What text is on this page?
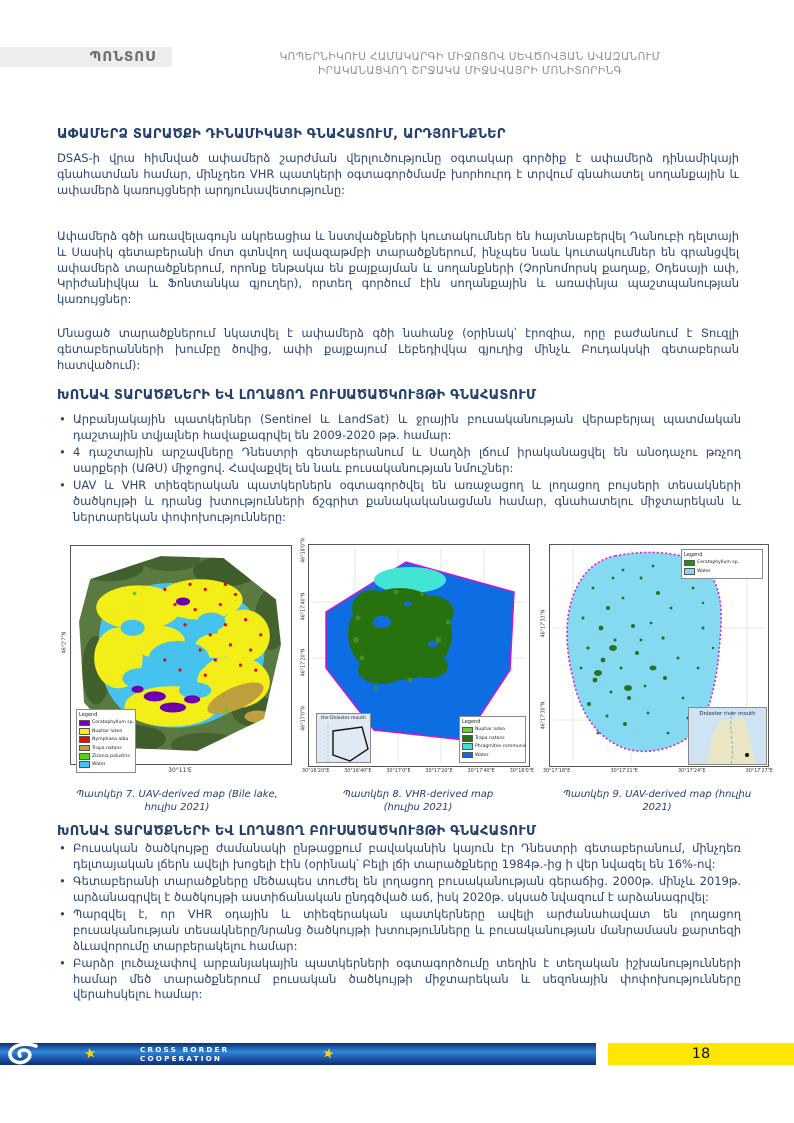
ՊՈՆՏՈՍ	ԿՈՊԵՐՆԻԿՈՒՍ ՀԱՄԱԿԱՐԳԻ ՄԻՋՈՑՈՎ ՍԵՎԾՈՎՅԱՆ ԱՎԱԶԱՆՈՒՄ
ԻՐԱԿԱՆԱՑՎՈՂ ՇՐՋԱԿԱ ՄԻՋԱՎԱՅՐԻ ՄՈՆԻՏՈՐԻՆԳ
ԱՓԱՄԵՐՁ ՏԱՐԱԾՔԻ ԴԻՆԱՄԻԿԱՅԻ ԳՆԱՀԱՏՈՒՄ, ԱՐԴՅՈՒՆՔՆԵՐ
DSAS-ի վրա հիմնված ափամերձ շարժման վերլուծությունը օգտակար գործիք է ափամերձ դինամիկայի գնահատման համար, մինչդեռ VHR պատկերի օգտագործմամբ խորհուրդ է տրվում գնահատել սողանքային և ափամերձ կառույցների արդյունավետությունը:
Ափամերձ գծի առավելագույն ակրեացիա և նստվածքների կուտակումներ են հայտնաբերվել Դանուբի դելտայի և Սասիկ գետաբերանի մոտ գտնվող ավազաթմբի տարածքներում, ինչպես նաև կուտակումներ են գրանցվել ափամերձ տարածքներում, որոնք ենթակա են քայքայման և սողանքների (Չորնոմորսկ քաղաք, Օդեսայի ափ, Կրիժանիվկա և Ֆոնտանկա գյուղեր), որտեղ գործում էին սողանքային և առափնյա պաշտպանության կառույցներ:
Մնացած տարածքներում նկատվել է ափամերձ գծի նահանջ (օրինակ՝ էրոզիա, որը բաժանում է Տուզլի գետաբերանների խումբը ծովից, ափի քայքայում Լեբեդիվկա գյուղից մինչև Բուդակսկի գետաբերան հատվածում):
ԽՈՆԱՎ ՏԱՐԱԾՔՆԵՐԻ ԵՎ ԼՈՂԱՑՈՂ ԲՈՒՍԱԾԱԾԿՈՒՅԹԻ ԳՆԱՀԱՏՈՒՄ
• Արբանյակային պատկերներ (Sentinel և LandSat) և ջրային բուսականության վերաբերյալ պատմական դաշտային տվյալներ հավաքագրվել են 2009-2020 թթ. համար:
• 4 դաշտային արշավները Դնեստրի գետաբերանում և Սաղձի լճում իրականացվել են անօդաչու թռչող սարքերի (ԱԹՍ) միջոցով. Հավաքվել են նաև բուսականության նմուշներ:
• UAV և VHR տիեզերական պատկերներն օգտագործվել են առաջացող և լողացող բույսերի տեսակների ծածկույթի և դրանց խտությունների ճշգրիտ քանակականացման համար, գնահատելու միջտարեկան և ներտարեկան փոփոխությունները:
46°2'7"N
Legend
Ceratophyllum sp.
Nuphar lutea
Nymphaea alba
Trapa natans
Zizania palustris
Water
30°11'E
46°18'0"N
46°17'40"N
46°17'20"N
46°17'0"N	the Dniester mouth
Legend
Nuphar lutea
Trapa natans
Phragmites communis
Water
30°16'20"E	30°16'40"E	30°17'0"E	30°17'20"E	30°17'40"E	30°18'0"E
46°17'33"N
46°17'30"N
Legend
Ceratophyllum sp.
Water
Dniester river mouth
30°17'18"E	30°17'21"E	30°17'24"E	30°17'27"E
Պատկեր 7. UAV-derived map (Bile lake, հուլիս 2021)
Պատկեր 8. VHR-derived map (հուլիս 2021)
Պատկեր 9. UAV-derived map (հուլիս 2021)
ԽՈՆԱՎ ՏԱՐԱԾՔՆԵՐԻ ԵՎ ԼՈՂԱՑՈՂ ԲՈՒՍԱԾԱԾԿՈՒՅԹԻ ԳՆԱՀԱՏՈՒՄ
• Բուսական ծածկույթը ժամանակի ընթացքում բավականին կայուն էր Դնեստրի գետաբերանում, մինչդեռ դելտայական լճերն ավելի խոցելի էին (օրինակ՝ Բելի լճի տարածքները 1984թ.-ից ի վեր նվազել են 16%-ով:
• Գետաբերանի տարածքները մեծապես տուժել են լողացող բուսականության գերաճից. 2000թ. մինչև 2019թ. արձանագրվել է ծածկույթի աստիճանական ընդգծված աճ, իսկ 2020թ. սկսած նվազում է արձանագրվել:
• Պարզվել է, որ VHR օդային և տիեզերական պատկերները ավելի արժանահավատ են լողացող բուսականության տեսակները/նրանց ծածկույթի խտությունները և բուսականության մանրամասն քարտեզի ձևավորումը տարբերակելու համար:
• Բարձր լուծաչափով արբանյակային պատկերների օգտագործումը տեղին է տեղական իշխանությունների համար մեծ տարածքներում բուսական ծածկույթի միջտարեկան և սեզոնային փոփոխությունները վերահսկելու համար:
★	CROSS BORDER
COOPERATION	★	18
